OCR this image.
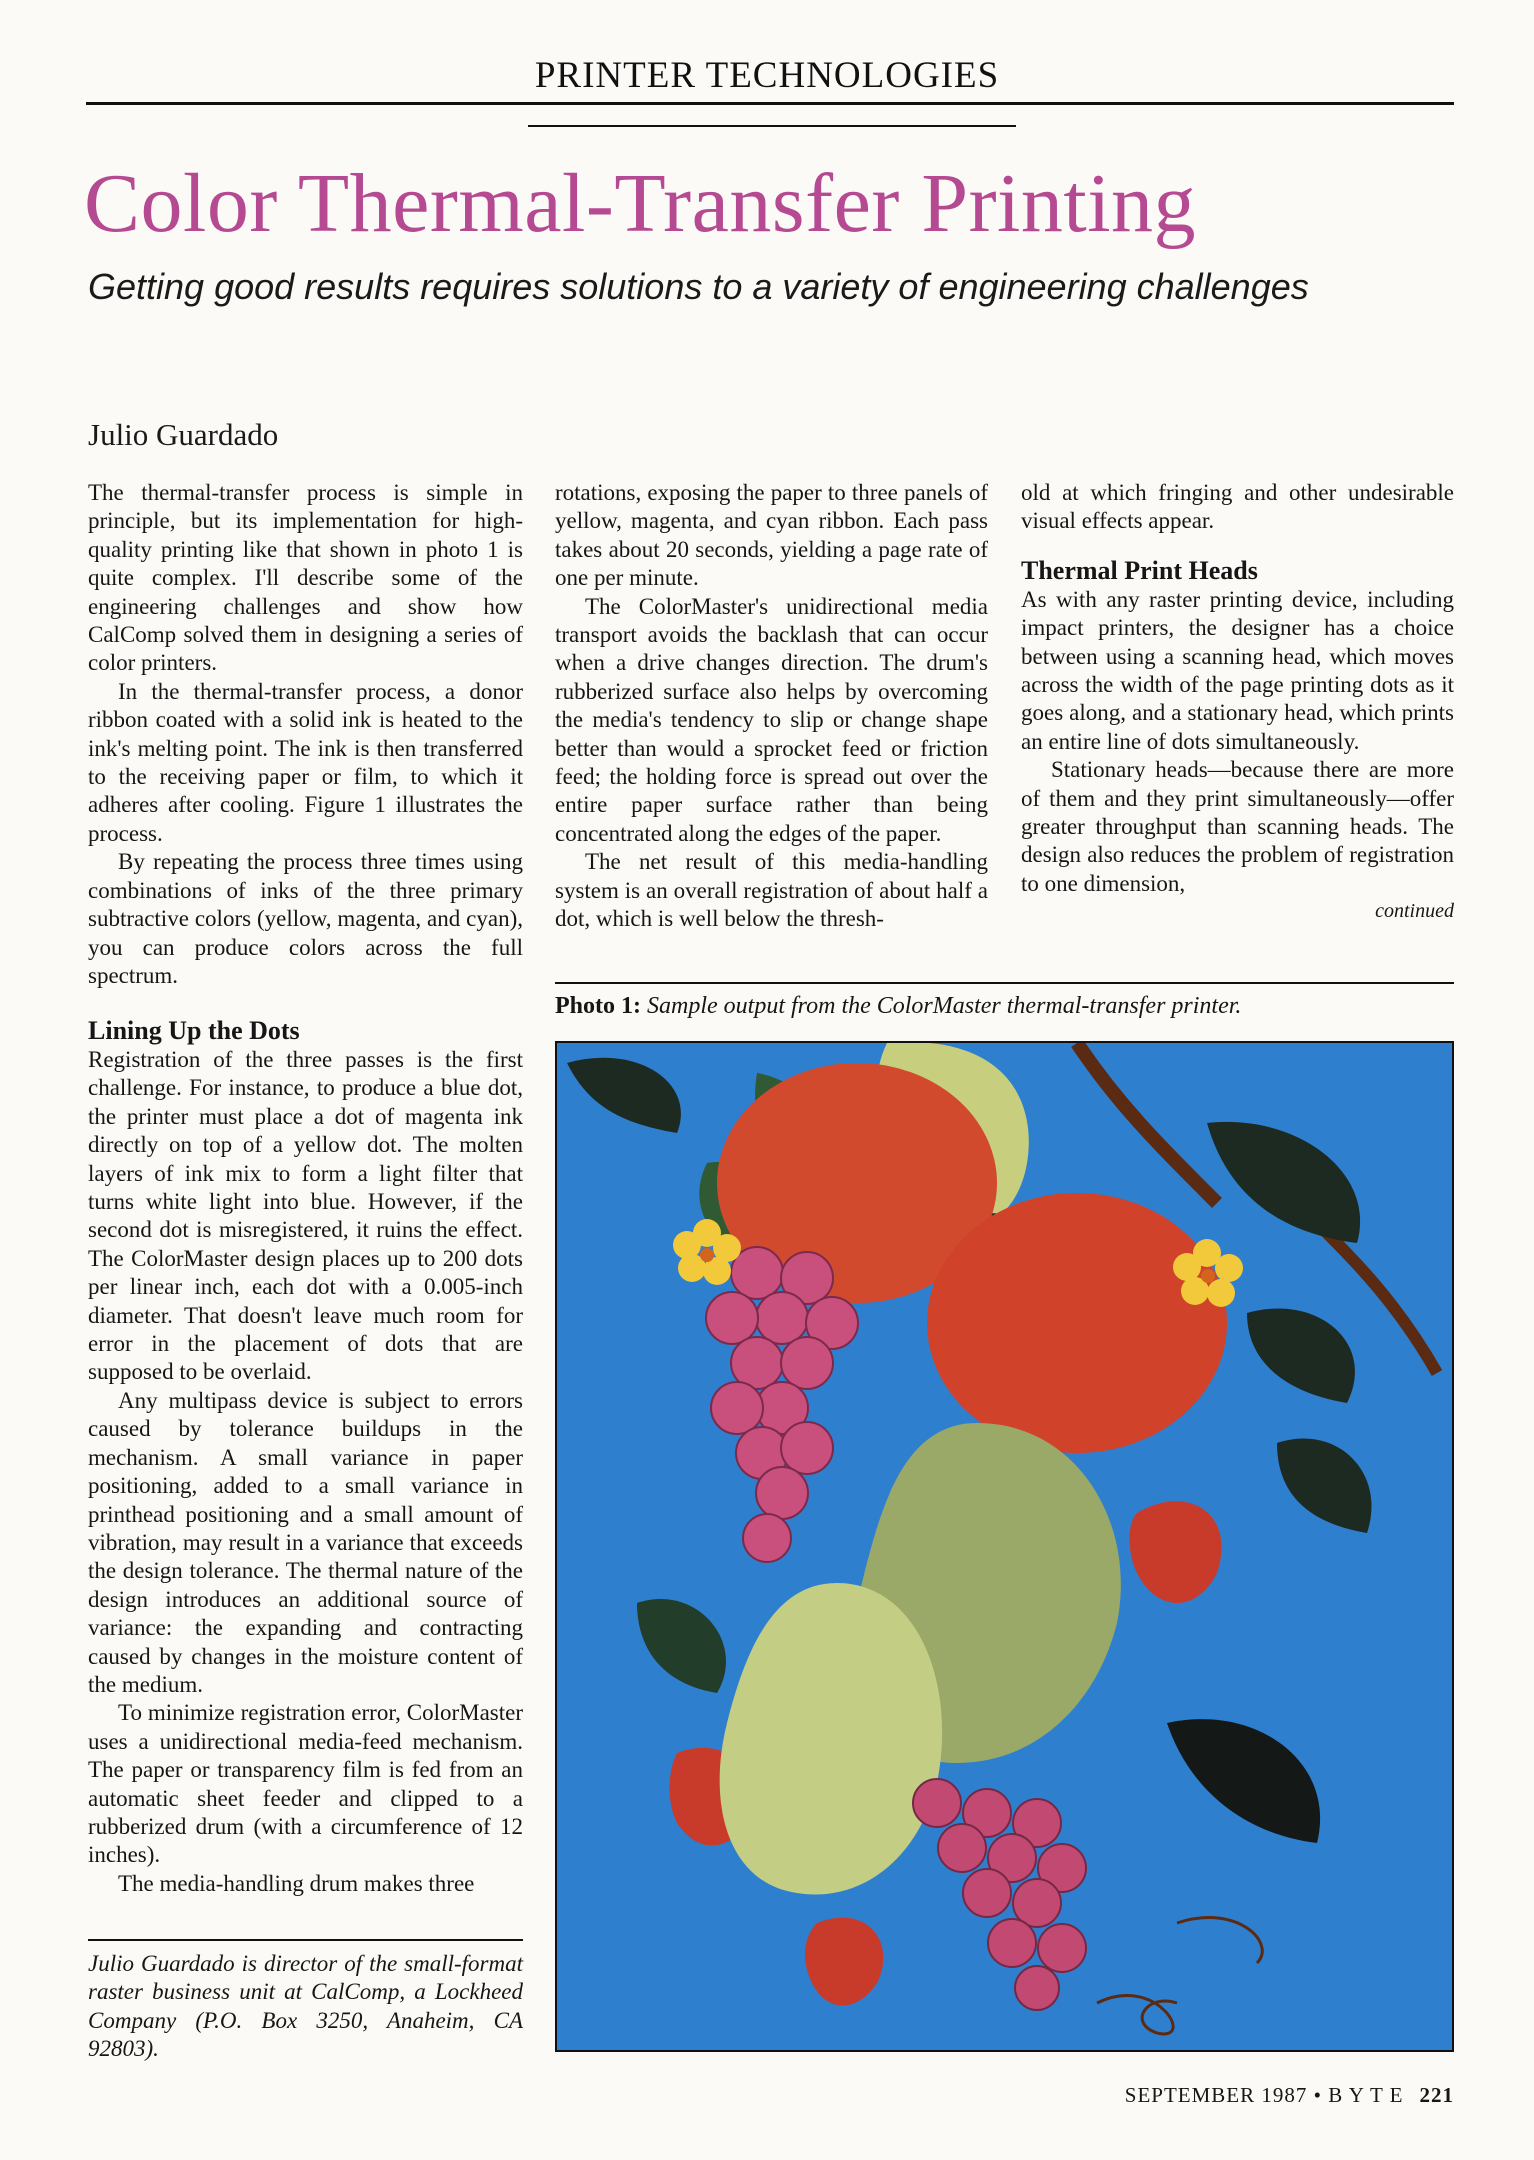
PRINTER TECHNOLOGIES
Color Thermal-Transfer Printing
Getting good results requires solutions to a variety of engineering challenges
Julio Guardado

The thermal-transfer process is simple in principle, but its implementation for high-quality printing like that shown in photo 1 is quite complex. I'll describe some of the engineering challenges and show how CalComp solved them in designing a series of color printers.

In the thermal-transfer process, a donor ribbon coated with a solid ink is heated to the ink's melting point. The ink is then transferred to the receiving paper or film, to which it adheres after cooling. Figure 1 illustrates the process.

By repeating the process three times using combinations of inks of the three primary subtractive colors (yellow, magenta, and cyan), you can produce colors across the full spectrum.

Lining Up the Dots

Registration of the three passes is the first challenge. For instance, to produce a blue dot, the printer must place a dot of magenta ink directly on top of a yellow dot. The molten layers of ink mix to form a light filter that turns white light into blue. However, if the second dot is misregistered, it ruins the effect. The ColorMaster design places up to 200 dots per linear inch, each dot with a 0.005-inch diameter. That doesn't leave much room for error in the placement of dots that are supposed to be overlaid.

Any multipass device is subject to errors caused by tolerance buildups in the mechanism. A small variance in paper positioning, added to a small variance in printhead positioning and a small amount of vibration, may result in a variance that exceeds the design tolerance. The thermal nature of the design introduces an additional source of variance: the expanding and contracting caused by changes in the moisture content of the medium.

To minimize registration error, ColorMaster uses a unidirectional media-feed mechanism. The paper or transparency film is fed from an automatic sheet feeder and clipped to a rubberized drum (with a circumference of 12 inches).

The media-handling drum makes three

Julio Guardado is director of the small-format raster business unit at CalComp, a Lockheed Company (P.O. Box 3250, Anaheim, CA 92803).

rotations, exposing the paper to three panels of yellow, magenta, and cyan ribbon. Each pass takes about 20 seconds, yielding a page rate of one per minute.

The ColorMaster's unidirectional media transport avoids the backlash that can occur when a drive changes direction. The drum's rubberized surface also helps by overcoming the media's tendency to slip or change shape better than would a sprocket feed or friction feed; the holding force is spread out over the entire paper surface rather than being concentrated along the edges of the paper.

The net result of this media-handling system is an overall registration of about half a dot, which is well below the thresh-

old at which fringing and other undesirable visual effects appear.

Thermal Print Heads

As with any raster printing device, including impact printers, the designer has a choice between using a scanning head, which moves across the width of the page printing dots as it goes along, and a stationary head, which prints an entire line of dots simultaneously.

Stationary heads—because there are more of them and they print simultaneously—offer greater throughput than scanning heads. The design also reduces the problem of registration to one dimension,

continued
Photo 1: Sample output from the ColorMaster thermal-transfer printer.
SEPTEMBER 1987 • B Y T E 221
